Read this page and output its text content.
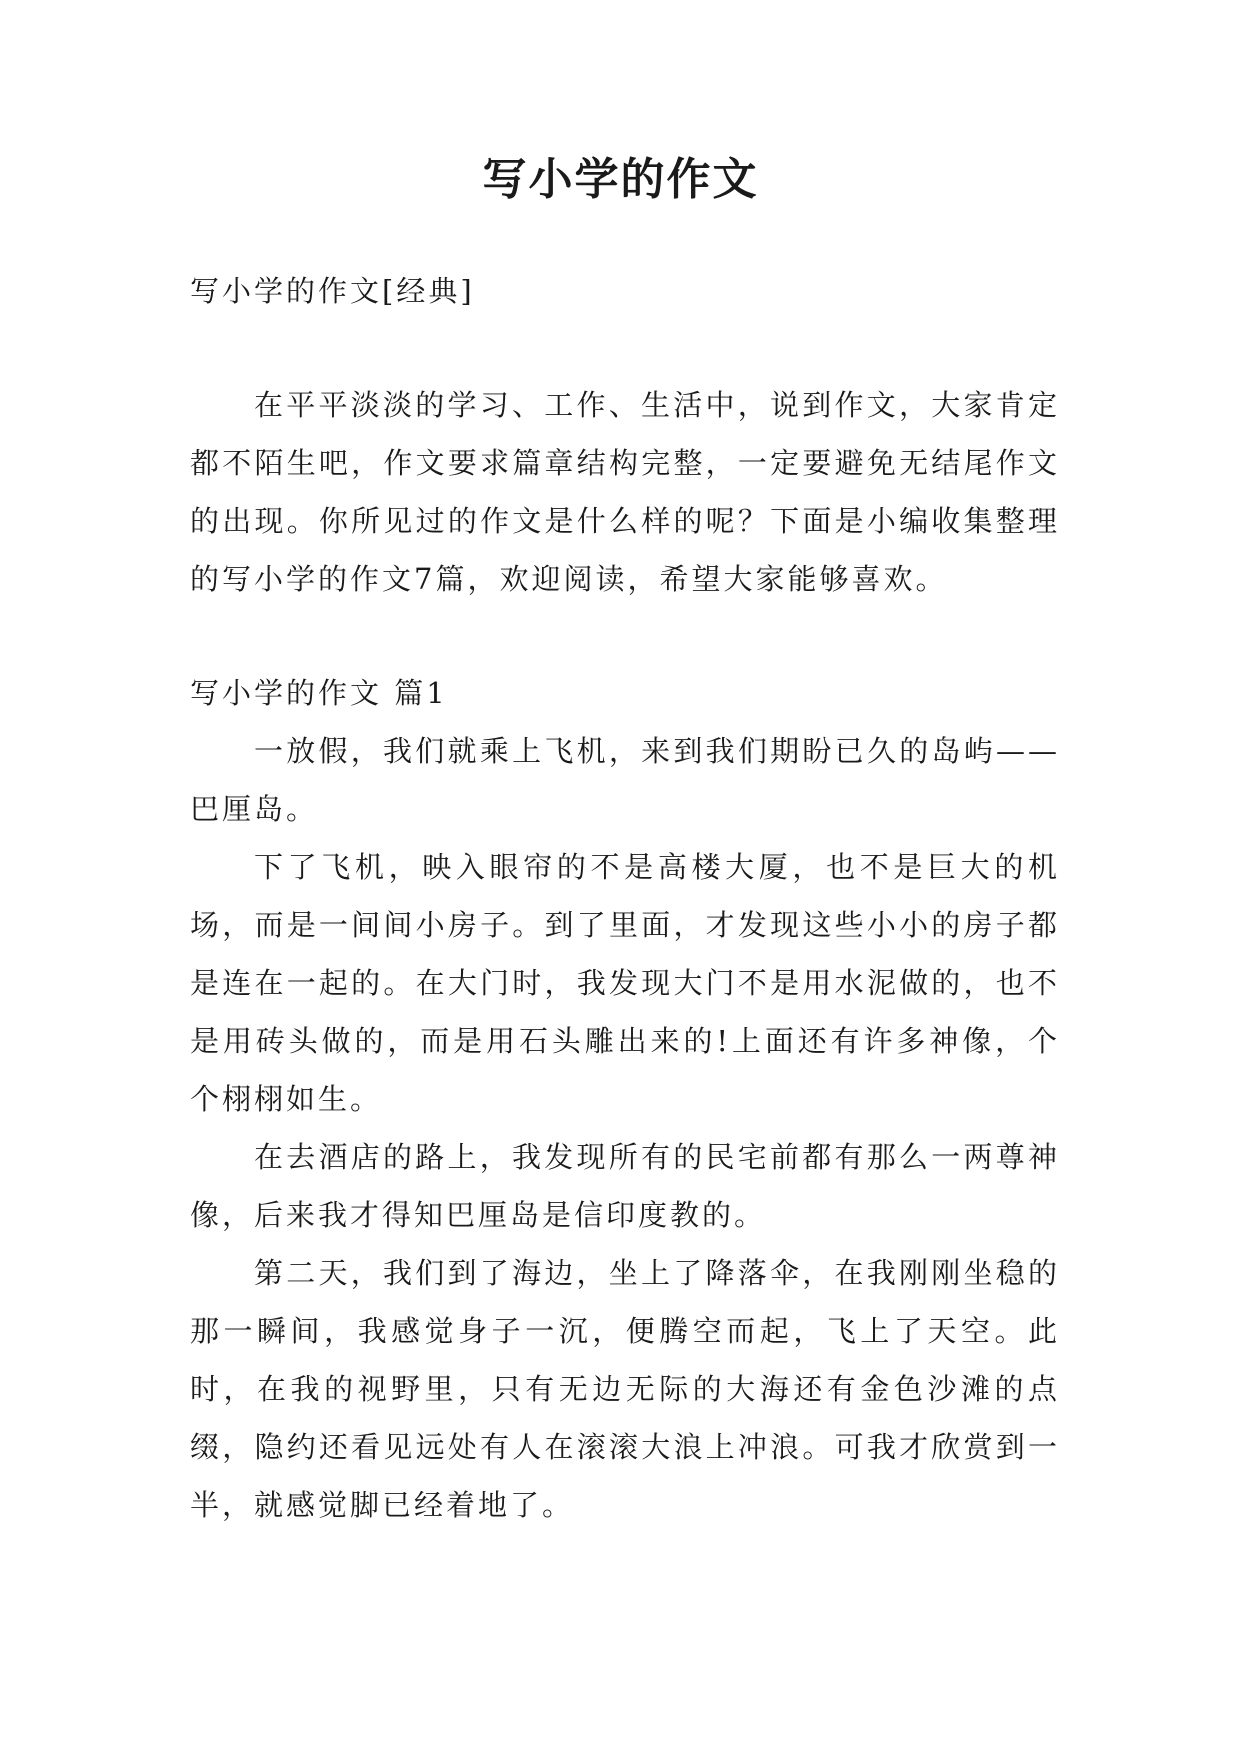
写小学的作文

写小学的作文[经典]

在平平淡淡的学习、工作、生活中，说到作文，大家肯定都不陌生吧，作文要求篇章结构完整，一定要避免无结尾作文的出现。你所见过的作文是什么样的呢？下面是小编收集整理的写小学的作文7篇，欢迎阅读，希望大家能够喜欢。

写小学的作文 篇1

一放假，我们就乘上飞机，来到我们期盼已久的岛屿——巴厘岛。

下了飞机，映入眼帘的不是高楼大厦，也不是巨大的机场，而是一间间小房子。到了里面，才发现这些小小的房子都是连在一起的。在大门时，我发现大门不是用水泥做的，也不是用砖头做的，而是用石头雕出来的!上面还有许多神像，个个栩栩如生。

在去酒店的路上，我发现所有的民宅前都有那么一两尊神像，后来我才得知巴厘岛是信印度教的。

第二天，我们到了海边，坐上了降落伞，在我刚刚坐稳的那一瞬间，我感觉身子一沉，便腾空而起，飞上了天空。此时，在我的视野里，只有无边无际的大海还有金色沙滩的点缀，隐约还看见远处有人在滚滚大浪上冲浪。可我才欣赏到一半，就感觉脚已经着地了。
